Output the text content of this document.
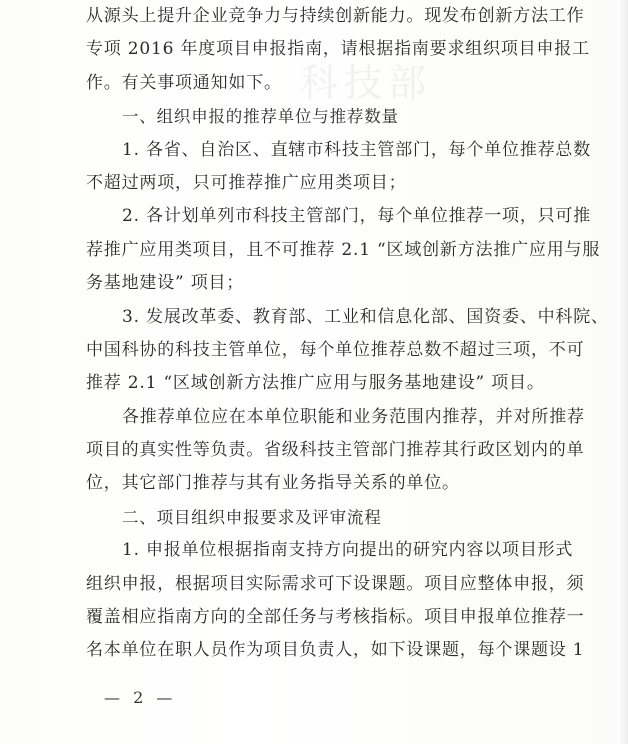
科技部
从源头上提升企业竞争力与持续创新能力。现发布创新方法工作
专项 2016 年度项目申报指南，请根据指南要求组织项目申报工
作。有关事项通知如下。
一、组织申报的推荐单位与推荐数量
1. 各省、自治区、直辖市科技主管部门，每个单位推荐总数
不超过两项，只可推荐推广应用类项目；
2. 各计划单列市科技主管部门，每个单位推荐一项，只可推
荐推广应用类项目，且不可推荐 2.1 “区域创新方法推广应用与服
务基地建设” 项目；
3. 发展改革委、教育部、工业和信息化部、国资委、中科院、
中国科协的科技主管单位，每个单位推荐总数不超过三项，不可
推荐 2.1 “区域创新方法推广应用与服务基地建设” 项目。
各推荐单位应在本单位职能和业务范围内推荐，并对所推荐
项目的真实性等负责。省级科技主管部门推荐其行政区划内的单
位，其它部门推荐与其有业务指导关系的单位。
二、项目组织申报要求及评审流程
1. 申报单位根据指南支持方向提出的研究内容以项目形式
组织申报，根据项目实际需求可下设课题。项目应整体申报，须
覆盖相应指南方向的全部任务与考核指标。项目申报单位推荐一
名本单位在职人员作为项目负责人，如下设课题，每个课题设 1
— 2 —
